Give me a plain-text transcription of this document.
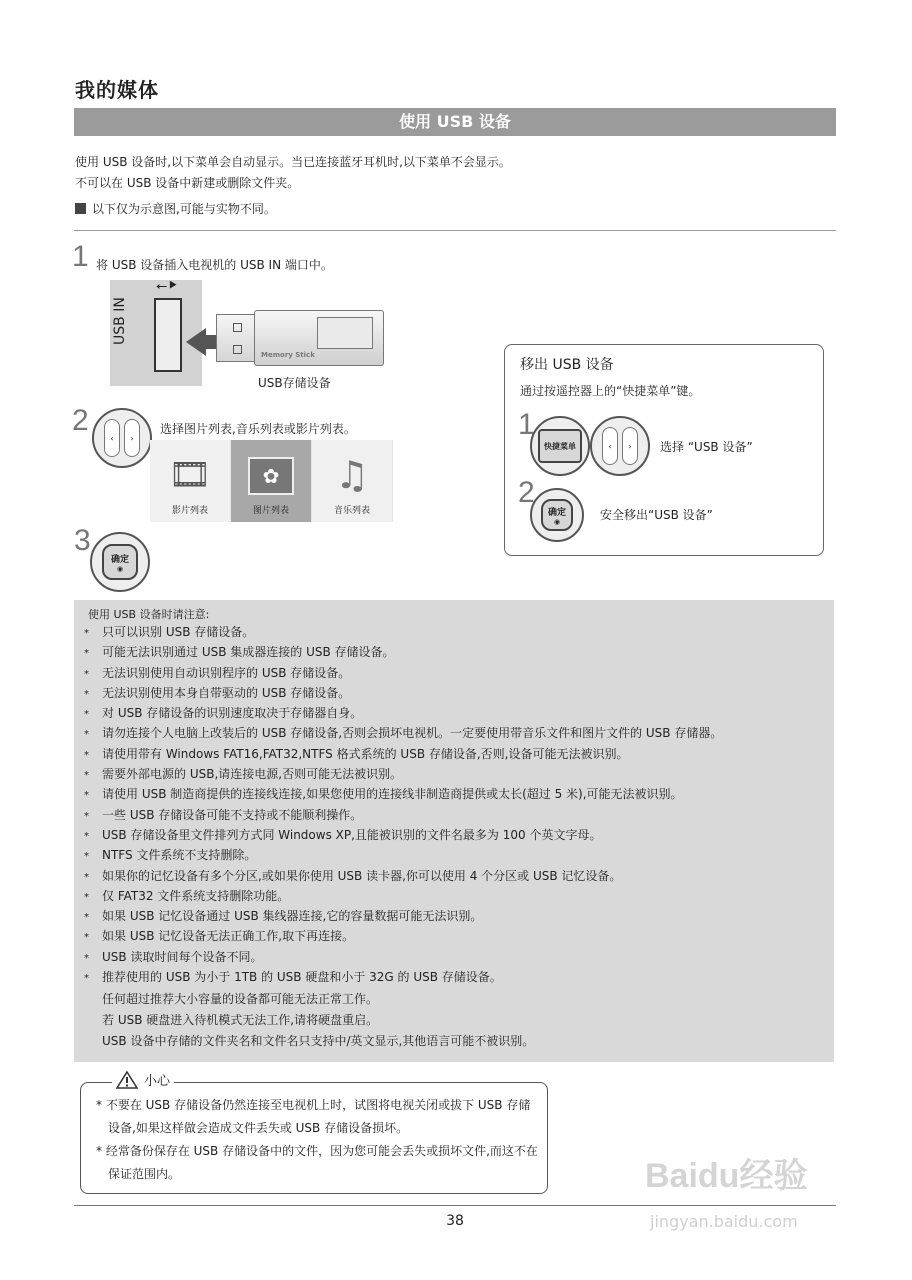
我的媒体
使用 USB 设备
使用 USB 设备时,以下菜单会自动显示。当已连接蓝牙耳机时,以下菜单不会显示。
不可以在 USB 设备中新建或删除文件夹。
以下仅为示意图,可能与实物不同。
1 将 USB 设备插入电视机的 USB IN 端口中。
USB IN
⭠⯈
Memory Stick
USB存储设备
2
‹	›
选择图片列表,音乐列表或影片列表。
🎞
影片列表
✿
图片列表
♫
音乐列表
3
确定
◉
移出 USB 设备
通过按遥控器上的“快捷菜单”键。
1
快捷菜单	‹	›	选择 “USB 设备”
2
确定
◉	安全移出“USB 设备”
使用 USB 设备时请注意:
* 只可以识别 USB 存储设备。
* 可能无法识别通过 USB 集成器连接的 USB 存储设备。
* 无法识别使用自动识别程序的 USB 存储设备。
* 无法识别使用本身自带驱动的 USB 存储设备。
* 对 USB 存储设备的识别速度取决于存储器自身。
* 请勿连接个人电脑上改装后的 USB 存储设备,否则会损坏电视机。一定要使用带音乐文件和图片文件的 USB 存储器。
* 请使用带有 Windows FAT16,FAT32,NTFS 格式系统的 USB 存储设备,否则,设备可能无法被识别。
* 需要外部电源的 USB,请连接电源,否则可能无法被识别。
* 请使用 USB 制造商提供的连接线连接,如果您使用的连接线非制造商提供或太长(超过 5 米),可能无法被识别。
* 一些 USB 存储设备可能不支持或不能顺利操作。
* USB 存储设备里文件排列方式同 Windows XP,且能被识别的文件名最多为 100 个英文字母。
* NTFS 文件系统不支持删除。
* 如果你的记忆设备有多个分区,或如果你使用 USB 读卡器,你可以使用 4 个分区或 USB 记忆设备。
* 仅 FAT32 文件系统支持删除功能。
* 如果 USB 记忆设备通过 USB 集线器连接,它的容量数据可能无法识别。
* 如果 USB 记忆设备无法正确工作,取下再连接。
* USB 读取时间每个设备不同。
* 推荐使用的 USB 为小于 1TB 的 USB 硬盘和小于 32G 的 USB 存储设备。
任何超过推荐大小容量的设备都可能无法正常工作。
若 USB 硬盘进入待机模式无法工作,请将硬盘重启。
USB 设备中存储的文件夹名和文件名只支持中/英文显示,其他语言可能不被识别。
小心
* 不要在 USB 存储设备仍然连接至电视机上时，试图将电视关闭或拔下 USB 存储设备,如果这样做会造成文件丢失或 USB 存储设备损坏。
* 经常备份保存在 USB 存储设备中的文件，因为您可能会丢失或损坏文件,而这不在保证范围内。
38
Baidu经验
jingyan.baidu.com
